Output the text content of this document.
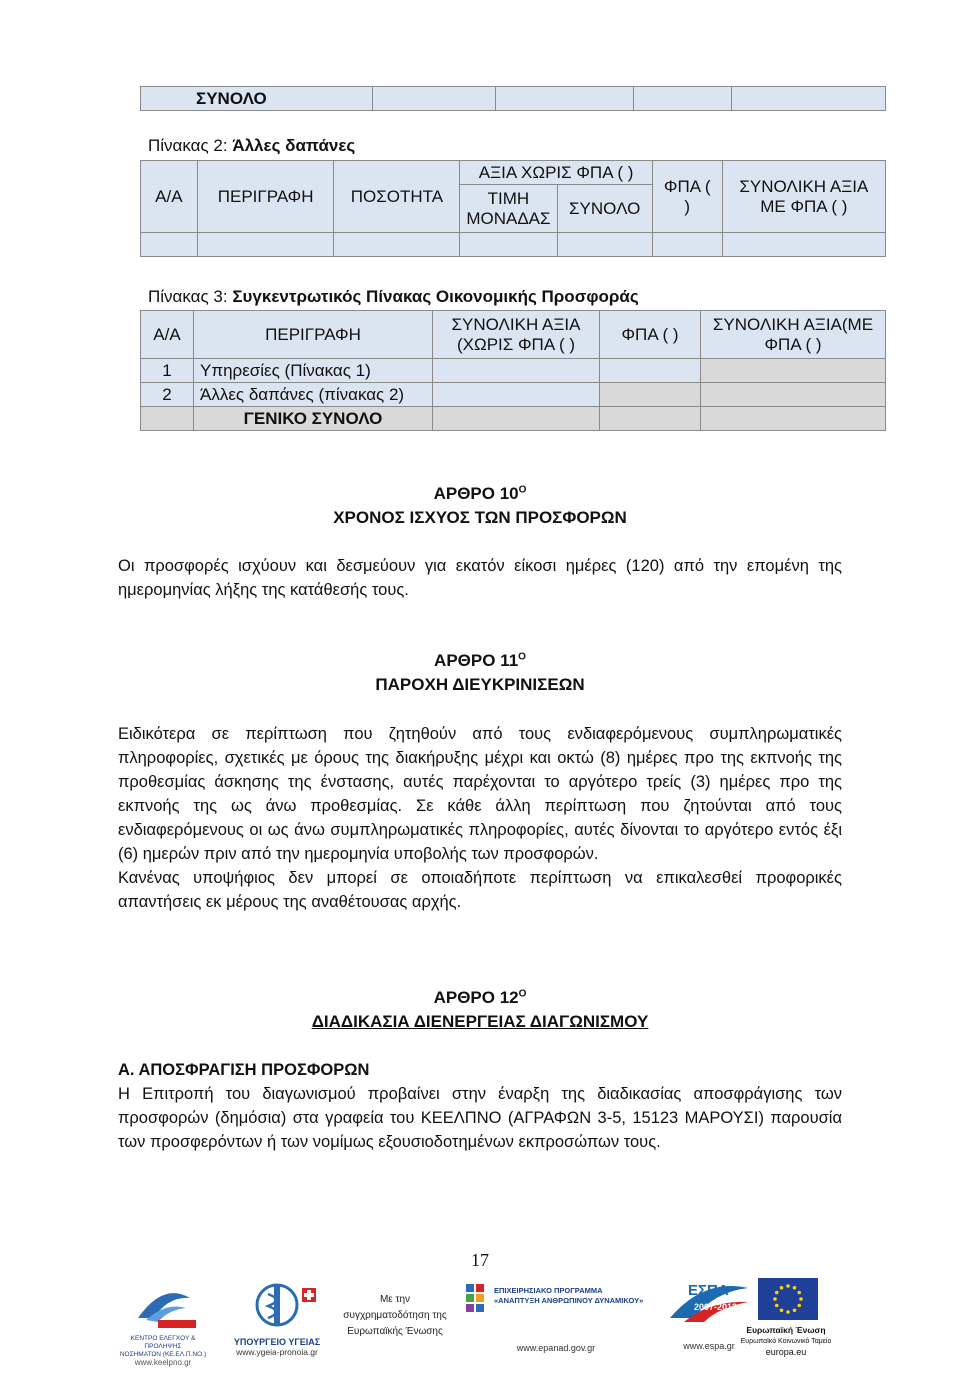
ΣΥΝΟΛΟ				
Πίνακας 2: Άλλες δαπάνες
Α/Α	ΠΕΡΙΓΡΑΦΗ	ΠΟΣΟΤΗΤΑ	ΑΞΙΑ ΧΩΡΙΣ ΦΠΑ ( )		ΦΠΑ ( )	ΣΥΝΟΛΙΚΗ ΑΞΙΑ ΜΕ ΦΠΑ ( )
			ΤΙΜΗ ΜΟΝΑΔΑΣ	ΣΥΝΟΛΟ		

Πίνακας 3: Συγκεντρωτικός Πίνακας Οικονομικής Προσφοράς
Α/Α	ΠΕΡΙΓΡΑΦΗ	ΣΥΝΟΛΙΚΗ ΑΞΙΑ (ΧΩΡΙΣ ΦΠΑ ( )	ΦΠΑ ( )	ΣΥΝΟΛΙΚΗ ΑΞΙΑ(ΜΕ ΦΠΑ ( )
1	Υπηρεσίες (Πίνακας 1)			
2	Άλλες δαπάνες (πίνακας 2)			
	ΓΕΝΙΚΟ ΣΥΝΟΛΟ			
ΑΡΘΡΟ $10^O$
ΧΡΟΝΟΣ ΙΣΧΥΟΣ ΤΩΝ ΠΡΟΣΦΟΡΩΝ

Οι προσφορές ισχύουν και δεσμεύουν για εκατόν είκοσι ημέρες (120) από την επομένη της ημερομηνίας λήξης της κατάθεσής τους.

ΑΡΘΡΟ $11^O$
ΠΑΡΟΧΗ ΔΙΕΥΚΡΙΝΙΣΕΩΝ

Ειδικότερα σε περίπτωση που ζητηθούν από τους ενδιαφερόμενους συμπληρωματικές πληροφορίες, σχετικές με όρους της διακήρυξης μέχρι και οκτώ (8) ημέρες προ της εκπνοής της προθεσμίας άσκησης της ένστασης, αυτές παρέχονται το αργότερο τρείς (3) ημέρες προ της εκπνοής της ως άνω προθεσμίας. Σε κάθε άλλη περίπτωση που ζητούνται από τους ενδιαφερόμενους οι ως άνω συμπληρωματικές πληροφορίες, αυτές δίνονται το αργότερο εντός έξι (6) ημερών πριν από την ημερομηνία υποβολής των προσφορών.

Κανένας υποψήφιος δεν μπορεί σε οποιαδήποτε περίπτωση να επικαλεσθεί προφορικές απαντήσεις εκ μέρους της αναθέτουσας αρχής.

ΑΡΘΡΟ $12^O$
ΔΙΑΔΙΚΑΣΙΑ ΔΙΕΝΕΡΓΕΙΑΣ ΔΙΑΓΩΝΙΣΜΟΥ
Α. ΑΠΟΣΦΡΑΓΙΣΗ ΠΡΟΣΦΟΡΩΝ

Η Επιτροπή του διαγωνισμού προβαίνει στην έναρξη της διαδικασίας αποσφράγισης των προσφορών (δημόσια) στα γραφεία του ΚΕΕΛΠΝΟ (ΑΓΡΑΦΩΝ 3-5, 15123 ΜΑΡΟΥΣΙ) παρουσία των προσφερόντων ή των νομίμως εξουσιοδοτημένων εκπροσώπων τους.

17
ΚΕΝΤΡΟ ΕΛΕΓΧΟΥ & ΠΡΟΛΗΨΗΣ
ΝΟΣΗΜΑΤΩΝ (ΚΕ.ΕΛ.Π.ΝΟ.)
www.keelpno.gr
ΥΠΟΥΡΓΕΙΟ ΥΓΕΙΑΣ
www.ygeia-pronoia.gr
Με την
συγχρηματοδότηση της
Ευρωπαϊκής Ένωσης
ΕΠΙΧΕΙΡΗΣΙΑΚΟ ΠΡΟΓΡΑΜΜΑ
«ΑΝΑΠΤΥΞΗ ΑΝΘΡΩΠΙΝΟΥ ΔΥΝΑΜΙΚΟΥ»
www.epanad.gov.gr
ΕΣΠΑ
2007-2013
www.espa.gr
Ευρωπαϊκή Ένωση
Ευρωπαϊκό Κοινωνικό Ταμείο
europa.eu
